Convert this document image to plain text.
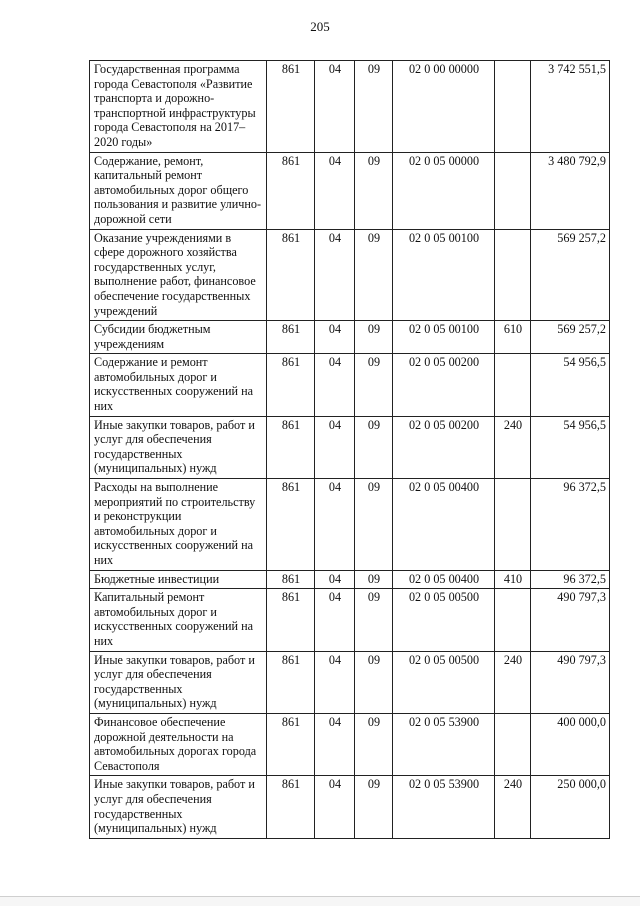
205
Государственная программа города Севастополя «Развитие транспорта и дорожно-транспортной инфраструктуры города Севастополя на 2017–2020 годы»	861	04	09	02 0 00 00000		3 742 551,5
Содержание, ремонт, капитальный ремонт автомобильных дорог общего пользования и развитие улично-дорожной сети	861	04	09	02 0 05 00000		3 480 792,9
Оказание учреждениями в сфере дорожного хозяйства государственных услуг, выполнение работ, финансовое обеспечение государственных учреждений	861	04	09	02 0 05 00100		569 257,2
Субсидии бюджетным учреждениям	861	04	09	02 0 05 00100	610	569 257,2
Содержание и ремонт автомобильных дорог и искусственных сооружений на них	861	04	09	02 0 05 00200		54 956,5
Иные закупки товаров, работ и услуг для обеспечения государственных (муниципальных) нужд	861	04	09	02 0 05 00200	240	54 956,5
Расходы на выполнение мероприятий по строительству и реконструкции автомобильных дорог и искусственных сооружений на них	861	04	09	02 0 05 00400		96 372,5
Бюджетные инвестиции	861	04	09	02 0 05 00400	410	96 372,5
Капитальный ремонт автомобильных дорог и искусственных сооружений на них	861	04	09	02 0 05 00500		490 797,3
Иные закупки товаров, работ и услуг для обеспечения государственных (муниципальных) нужд	861	04	09	02 0 05 00500	240	490 797,3
Финансовое обеспечение дорожной деятельности на автомобильных дорогах города Севастополя	861	04	09	02 0 05 53900		400 000,0
Иные закупки товаров, работ и услуг для обеспечения государственных (муниципальных) нужд	861	04	09	02 0 05 53900	240	250 000,0
